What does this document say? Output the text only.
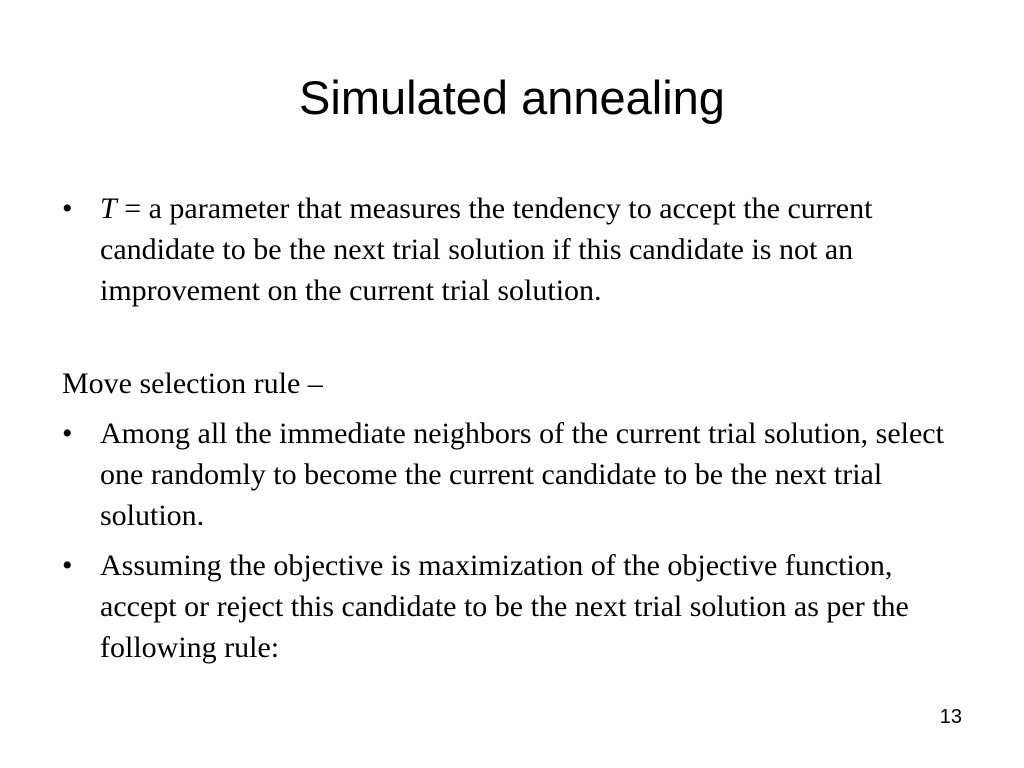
Simulated annealing
• T = a parameter that measures the tendency to accept the current candidate to be the next trial solution if this candidate is not an improvement on the current trial solution.
Move selection rule –
• Among all the immediate neighbors of the current trial solution, select one randomly to become the current candidate to be the next trial solution.
• Assuming the objective is maximization of the objective function, accept or reject this candidate to be the next trial solution as per the following rule:
13
